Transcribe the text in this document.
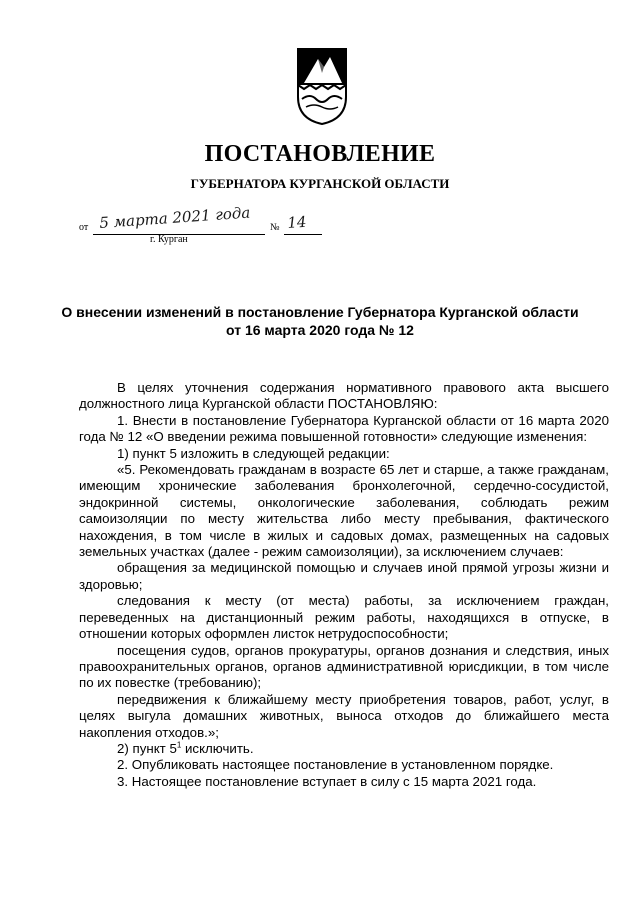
ПОСТАНОВЛЕНИЕ
ГУБЕРНАТОРА КУРГАНСКОЙ ОБЛАСТИ
от 5 марта 2021 года № 14
г. Курган
О внесении изменений в постановление Губернатора Курганской области
от 16 марта 2020 года № 12

В целях уточнения содержания нормативного правового акта высшего должностного лица Курганской области ПОСТАНОВЛЯЮ:

1. Внести в постановление Губернатора Курганской области от 16 марта 2020 года № 12 «О введении режима повышенной готовности» следующие изменения:

1) пункт 5 изложить в следующей редакции:

«5. Рекомендовать гражданам в возрасте 65 лет и старше, а также гражданам, имеющим хронические заболевания бронхолегочной, сердечно-сосудистой, эндокринной системы, онкологические заболевания, соблюдать режим самоизоляции по месту жительства либо месту пребывания, фактического нахождения, в том числе в жилых и садовых домах, размещенных на садовых земельных участках (далее - режим самоизоляции), за исключением случаев:

обращения за медицинской помощью и случаев иной прямой угрозы жизни и здоровью;

следования к месту (от места) работы, за исключением граждан, переведенных на дистанционный режим работы, находящихся в отпуске, в отношении которых оформлен листок нетрудоспособности;

посещения судов, органов прокуратуры, органов дознания и следствия, иных правоохранительных органов, органов административной юрисдикции, в том числе по их повестке (требованию);

передвижения к ближайшему месту приобретения товаров, работ, услуг, в целях выгула домашних животных, выноса отходов до ближайшего места накопления отходов.»;

2) пункт $5^1$ исключить.

2. Опубликовать настоящее постановление в установленном порядке.

3. Настоящее постановление вступает в силу с 15 марта 2021 года.
